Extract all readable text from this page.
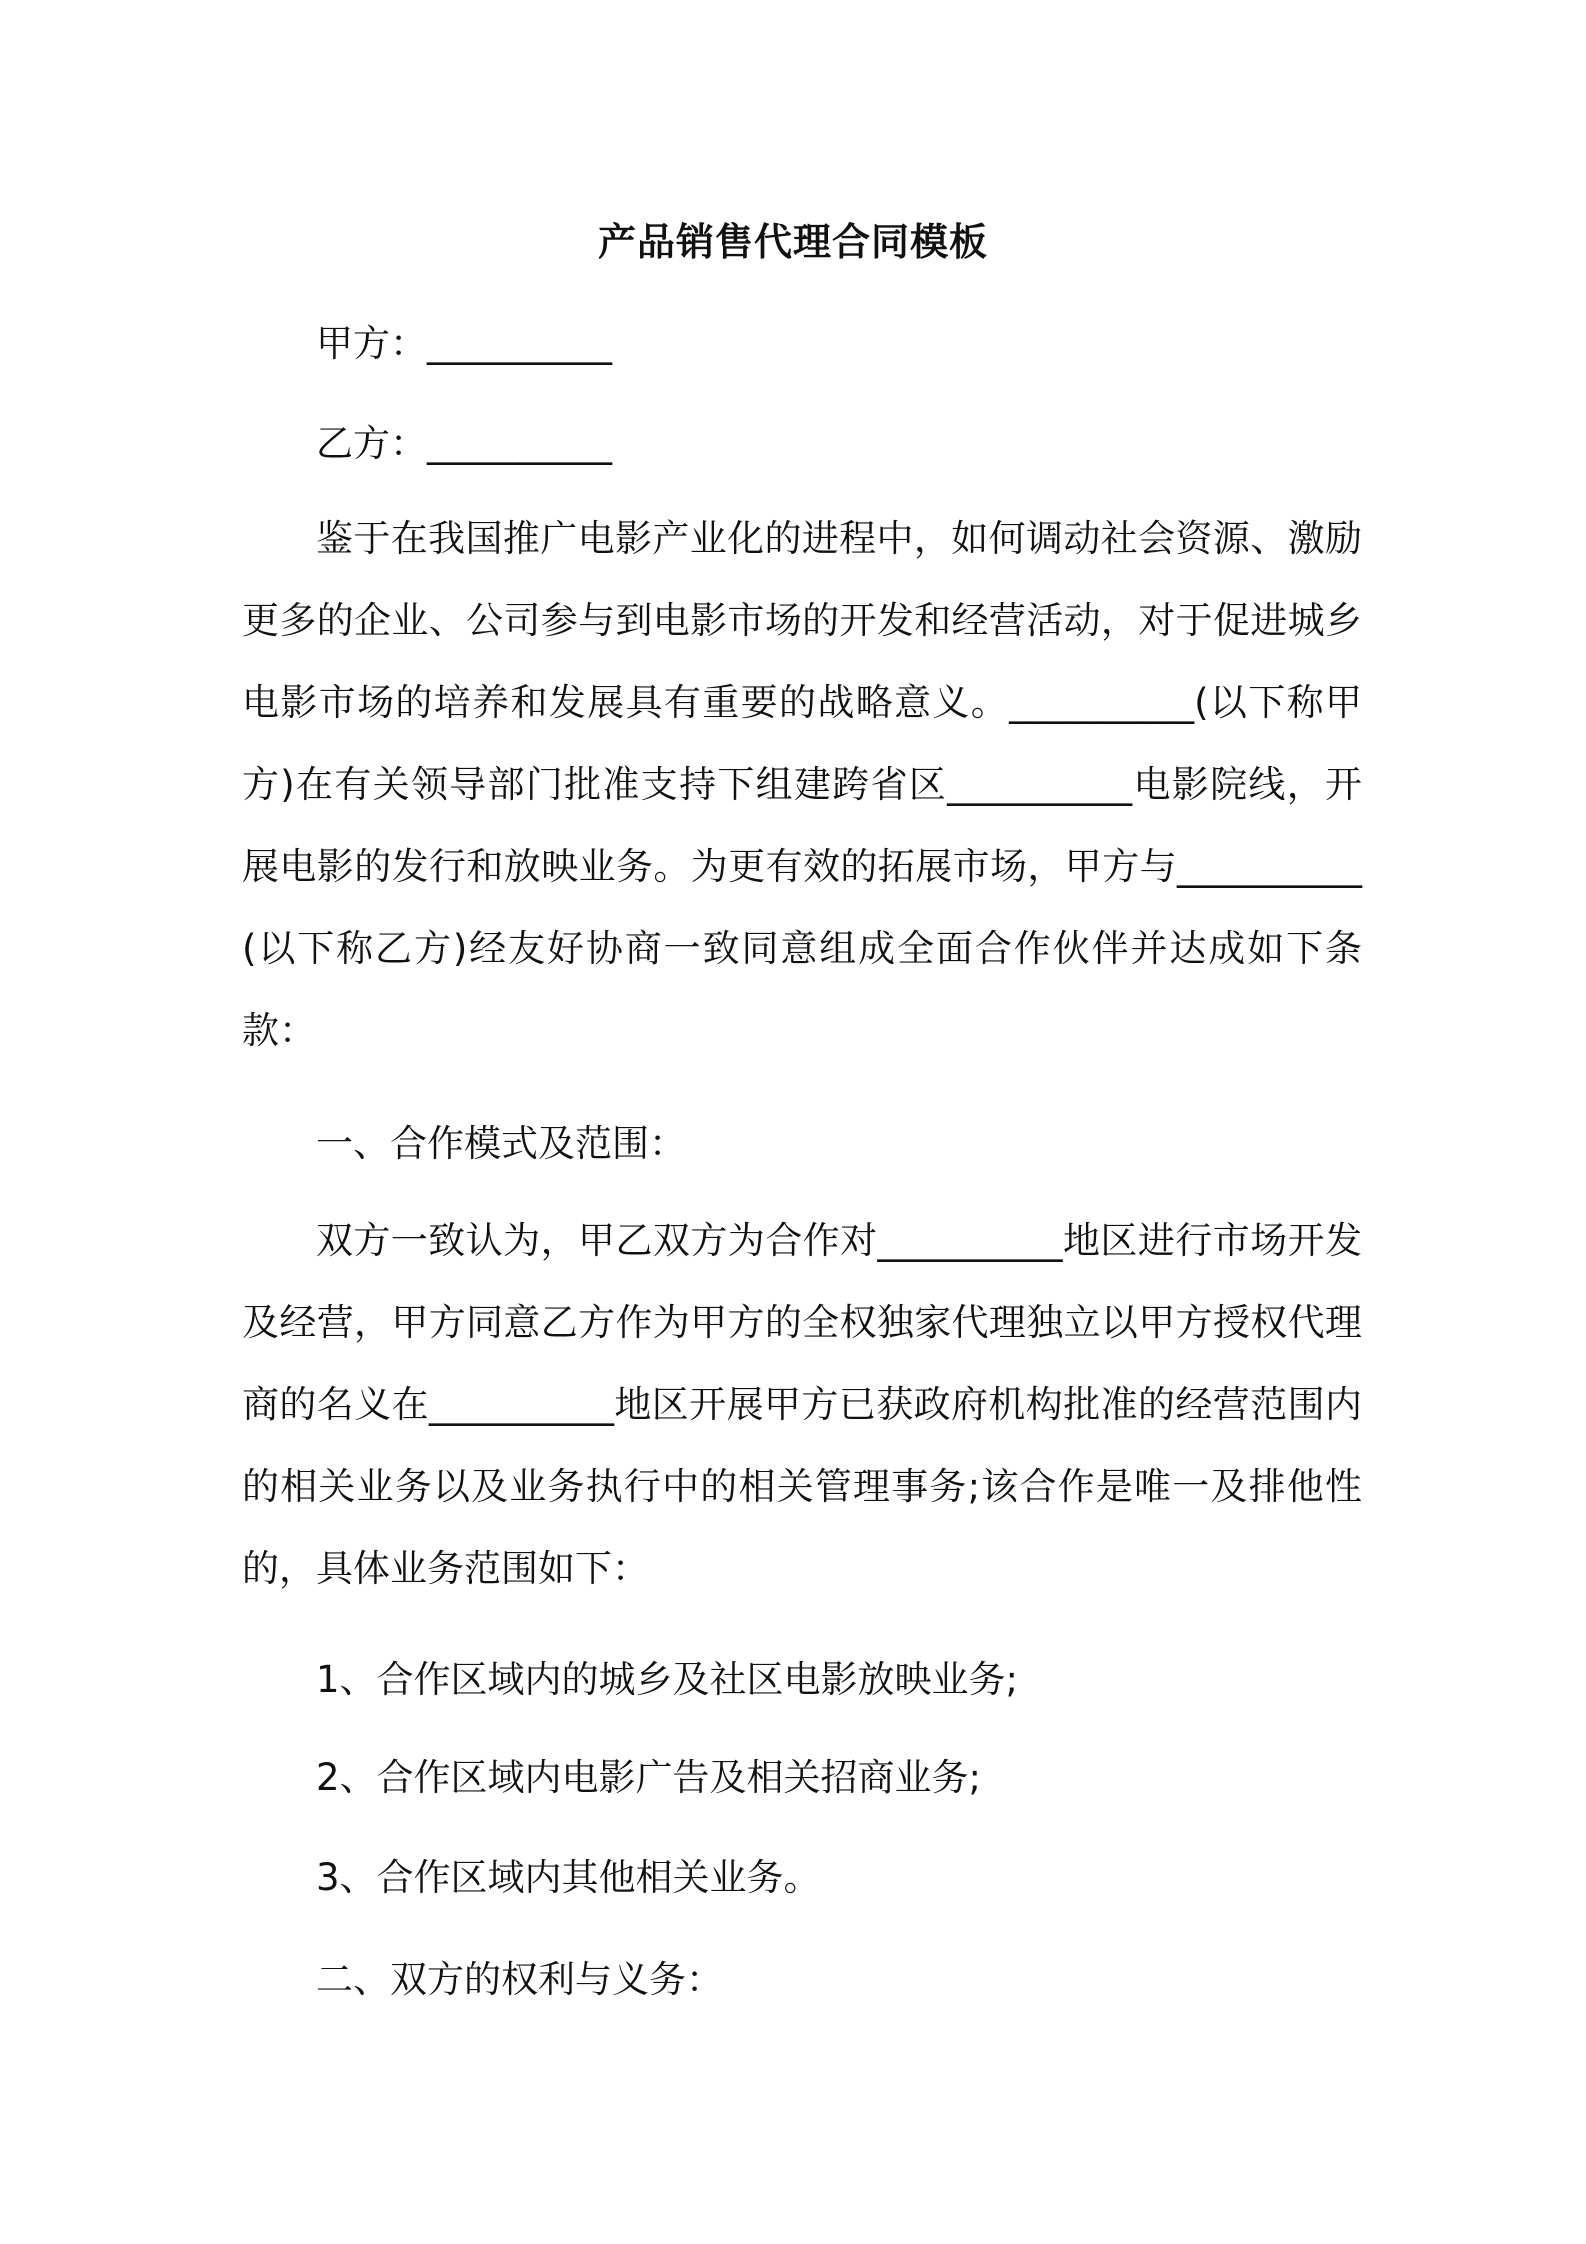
产品销售代理合同模板
甲方：__________
乙方：__________
鉴于在我国推广电影产业化的进程中，如何调动社会资源、激励更多的企业、公司参与到电影市场的开发和经营活动，对于促进城乡电影市场的培养和发展具有重要的战略意义。__________(以下称甲方)在有关领导部门批准支持下组建跨省区__________电影院线，开展电影的发行和放映业务。为更有效的拓展市场，甲方与__________(以下称乙方)经友好协商一致同意组成全面合作伙伴并达成如下条款：
一、合作模式及范围：
双方一致认为，甲乙双方为合作对__________地区进行市场开发及经营，甲方同意乙方作为甲方的全权独家代理独立以甲方授权代理商的名义在__________地区开展甲方已获政府机构批准的经营范围内的相关业务以及业务执行中的相关管理事务;该合作是唯一及排他性的，具体业务范围如下：
1、合作区域内的城乡及社区电影放映业务;
2、合作区域内电影广告及相关招商业务;
3、合作区域内其他相关业务。
二、双方的权利与义务：
